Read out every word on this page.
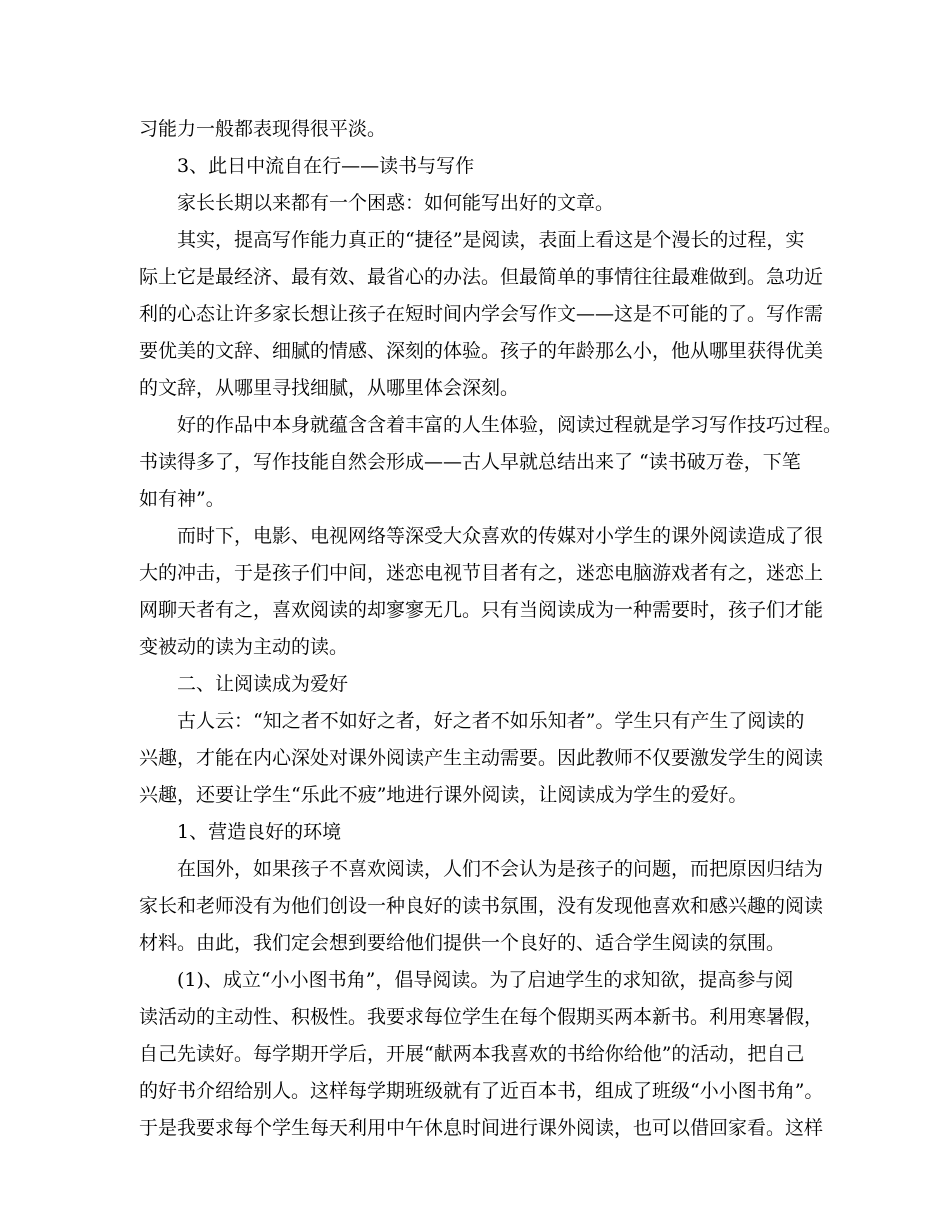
习能力一般都表现得很平淡。
3、此日中流自在行——读书与写作
家长长期以来都有一个困惑：如何能写出好的文章。
其实，提高写作能力真正的“捷径”是阅读，表面上看这是个漫长的过程，实
际上它是最经济、最有效、最省心的办法。但最简单的事情往往最难做到。急功近
利的心态让许多家长想让孩子在短时间内学会写作文——这是不可能的了。写作需
要优美的文辞、细腻的情感、深刻的体验。孩子的年龄那么小，他从哪里获得优美
的文辞，从哪里寻找细腻，从哪里体会深刻。
好的作品中本身就蕴含含着丰富的人生体验，阅读过程就是学习写作技巧过程。
书读得多了，写作技能自然会形成——古人早就总结出来了 “读书破万卷，下笔
如有神”。
而时下，电影、电视网络等深受大众喜欢的传媒对小学生的课外阅读造成了很
大的冲击，于是孩子们中间，迷恋电视节目者有之，迷恋电脑游戏者有之，迷恋上
网聊天者有之，喜欢阅读的却寥寥无几。只有当阅读成为一种需要时，孩子们才能
变被动的读为主动的读。
二、让阅读成为爱好
古人云：“知之者不如好之者，好之者不如乐知者”。学生只有产生了阅读的
兴趣，才能在内心深处对课外阅读产生主动需要。因此教师不仅要激发学生的阅读
兴趣，还要让学生“乐此不疲”地进行课外阅读，让阅读成为学生的爱好。
1、营造良好的环境
在国外，如果孩子不喜欢阅读，人们不会认为是孩子的问题，而把原因归结为
家长和老师没有为他们创设一种良好的读书氛围，没有发现他喜欢和感兴趣的阅读
材料。由此，我们定会想到要给他们提供一个良好的、适合学生阅读的氛围。
(1)、成立“小小图书角”，倡导阅读。为了启迪学生的求知欲，提高参与阅
读活动的主动性、积极性。我要求每位学生在每个假期买两本新书。利用寒暑假，
自己先读好。每学期开学后，开展“献两本我喜欢的书给你给他”的活动，把自己
的好书介绍给别人。这样每学期班级就有了近百本书，组成了班级“小小图书角”。
于是我要求每个学生每天利用中午休息时间进行课外阅读，也可以借回家看。这样
